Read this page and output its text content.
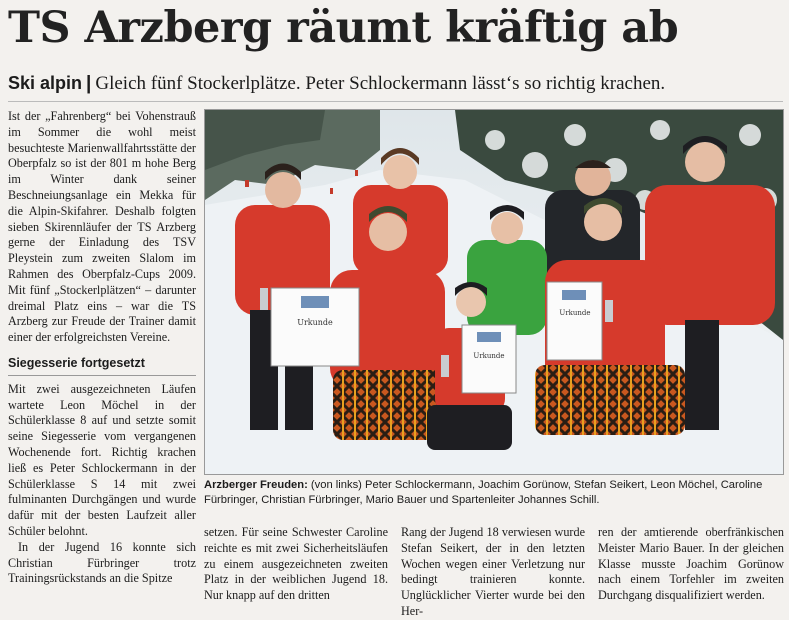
TS Arzberg räumt kräftig ab
Ski alpin | Gleich fünf Stockerlplätze. Peter Schlockermann lässt‘s so richtig krachen.

Ist der „Fahrenberg“ bei Vohenstrauß im Sommer die wohl meist besuchteste Marienwallfahrtsstätte der Oberpfalz so ist der 801 m hohe Berg im Winter dank seiner Beschneiungsanlage ein Mekka für die Alpin-Skifahrer. Deshalb folgten sieben Skirennläufer der TS Arzberg gerne der Einladung des TSV Pleystein zum zweiten Slalom im Rahmen des Oberpfalz-Cups 2009. Mit fünf „Stockerlplätzen“ – darunter dreimal Platz eins – war die TS Arzberg zur Freude der Trainer damit einer der erfolgreichsten Vereine.

Siegesserie fortgesetzt

Mit zwei ausgezeichneten Läufen wartete Leon Möchel in der Schülerklasse 8 auf und setzte somit seine Siegesserie vom vergangenen Wochenende fort. Richtig krachen ließ es Peter Schlockermann in der Schülerklasse S 14 mit zwei fulminanten Durchgängen und wurde dafür mit der besten Laufzeit aller Schüler belohnt.

In der Jugend 16 konnte sich Christian Fürbringer trotz Trainingsrückstands an die Spitze

Urkunde
Urkunde
Urkunde
Arzberger Freuden: (von links) Peter Schlockermann, Joachim Gorünow, Stefan Seikert, Leon Möchel, Caroline Fürbringer, Christian Fürbringer, Mario Bauer und Spartenleiter Johannes Schill.

setzen. Für seine Schwester Caroline reichte es mit zwei Sicherheitsläufen zu einem ausgezeichneten zweiten Platz in der weiblichen Jugend 18. Nur knapp auf den dritten

Rang der Jugend 18 verwiesen wurde Stefan Seikert, der in den letzten Wochen wegen einer Verletzung nur bedingt trainieren konnte. Unglücklicher Vierter wurde bei den Her-

ren der amtierende oberfränkischen Meister Mario Bauer. In der gleichen Klasse musste Joachim Gorünow nach einem Torfehler im zweiten Durchgang disqualifiziert werden.
